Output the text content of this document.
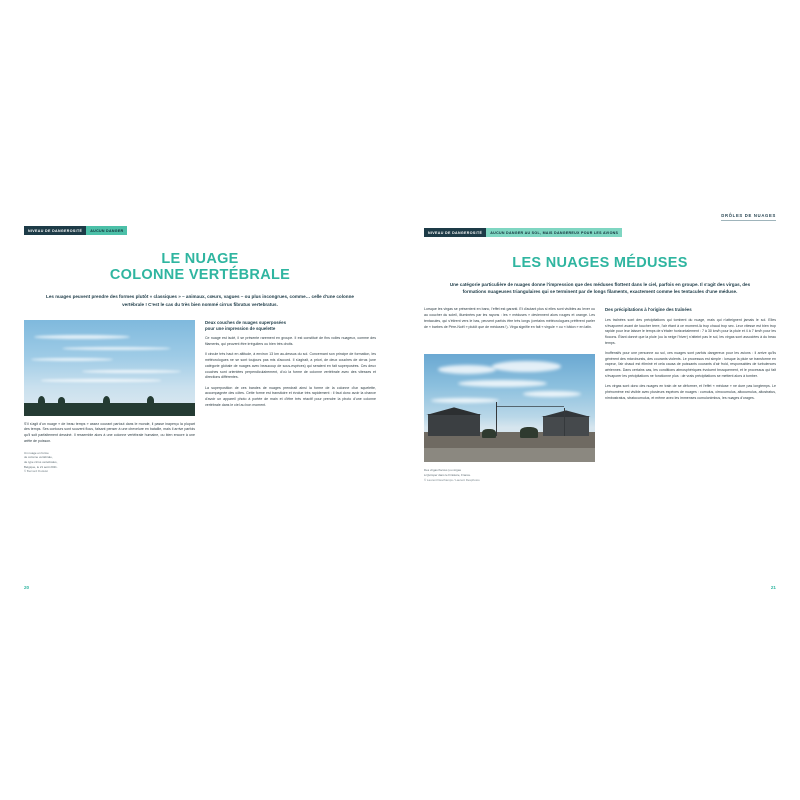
NIVEAU DE DANGEROSITÉ	AUCUN DANGER
LE NUAGE
COLONNE VERTÉBRALE
Les nuages peuvent prendre des formes plutôt « classiques » – animaux, cœurs, vagues – ou plus incongrues, comme… celle d'une colonne vertébrale ! C'est le cas du très bien nommé cirrus fibratus vertebratus.

S'il s'agit d'un nuage « de beau temps » assez courant partout dans le monde, il passe inaperçu la plupart des temps. Ses contours sont souvent flous, faisant penser à une chevelure en bataille, mais il arrive parfois qu'il soit parfaitement dessiné. Il ressemble alors à une colonne vertébrale humaine, ou bien encore à une arête de poisson.

Un nuage en forme
de colonne vertébrale,
de type cirrus vertebratus,
Belgique, le 21 août 2021.
© Bernard Dudelet
Deux couches de nuages superposées
pour une impression de squelette

Ce nuage est isolé, il se présente rarement en groupe. Il est constitué de fins voiles nuageux, comme des filaments, qui peuvent être irréguliers ou bien très droits.

Il circule très haut en altitude, à environ 13 km au-dessus du sol. Concernant son principe de formation, les météorologues ne se sont toujours pas mis d'accord. Il s'agirait, a priori, de deux couches de cirrus (une catégorie globale de nuages avec beaucoup de sous-espèces) qui seraient en fait superposées. Ces deux couches sont orientées perpendiculairement, d'où la forme de colonne vertébrale avec des vitesses et directions différentes.

La superposition de ces bandes de nuages prendrait ainsi la forme de la colonne d'un squelette, accompagnée des côtes. Cette forme est transitoire et évolue très rapidement : il faut donc avoir la chance d'avoir un appareil photo à portée de main et d'être très réactif pour prendre la photo d'une colonne vertébrale dans le ciel au bon moment.

20
DRÔLES DE NUAGES
NIVEAU DE DANGEROSITÉ	AUCUN DANGER AU SOL, MAIS DANGEREUX POUR LES AVIONS
LES NUAGES MÉDUSES
Une catégorie particulière de nuages donne l'impression que des méduses flottent dans le ciel, parfois en groupe. Il s'agit des virgas, des formations nuageuses triangulaires qui se terminent par de longs filaments, exactement comme les tentacules d'une méduse.

Lorsque les virgas se présentent en banc, l'effet est garanti. Et d'autant plus si elles sont visibles au lever ou au coucher du soleil, illuminées par les rayons : les « méduses » deviennent alors rouges et orange. Les tentacules, qui s'étirent vers le bas, peuvent parfois être très longs (certains météorologues préfèrent parler de « barbes de Père-Noël » plutôt que de méduses !). Virga signifie en fait « virgule » ou « bâton » en latin.

Des virgas floccus (ou virgas
à Quimper dans le Finistère, France.
© Laurent Deschamps / Laurent Desphotos
Des précipitations à l'origine des traînées

Les traînées sont des précipitations qui tombent du nuage, mais qui n'atteignent jamais le sol. Elles s'évaporent avant de toucher terre, l'air étant à ce moment-là trop chaud trop sec. Leur vitesse est bien trop rapide pour leur laisser le temps de s'étaler horizontalement : 7 à 30 km/h pour la pluie et 4 à 7 km/h pour les flocons. Étant donné que la pluie (ou la neige l'hiver) n'atteint pas le sol, les virgas sont associées à du beau temps.

Inoffensifs pour une personne au sol, ces nuages sont parfois dangereux pour les avions : il arrive qu'ils génèrent des microbursts, des courants violents. Le processus est simple : lorsque la pluie se transforme en vapeur, l'air chaud est éliminé et cela causa de puissants courants d'air froid, responsables de turbulences aériennes. Dans certains cas, les conditions atmosphériques évoluent brusquement, et le processus qui fait s'évaporer les précipitations ne fonctionne plus : de vrais précipitations se mettent alors à tomber.

Les virgas sont donc des nuages en train de se déformer, et l'effet « méduse » ne dure pas longtemps. Le phénomène est visible avec plusieurs espèces de nuages : cumulus, cirrocumulus, altocumulus, altostratus, nimbostratus, stratocumulus, et même avec les immenses cumulonimbus, les nuages d'orages.

21
